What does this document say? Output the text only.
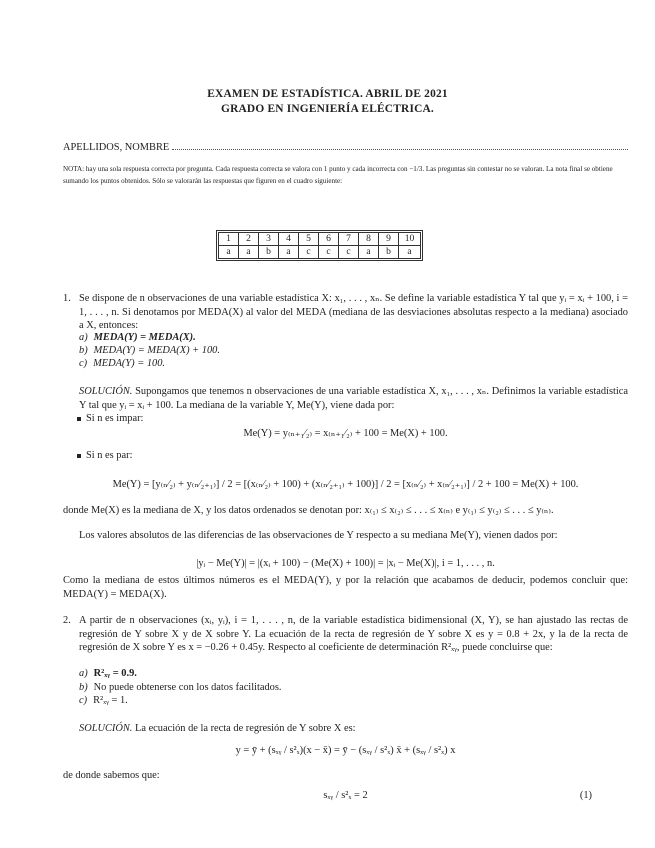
EXAMEN DE ESTADÍSTICA. ABRIL DE 2021
GRADO EN INGENIERÍA ELÉCTRICA.
APELLIDOS, NOMBRE
NOTA: hay una sola respuesta correcta por pregunta. Cada respuesta correcta se valora con 1 punto y cada incorrecta con −1/3. Las preguntas sin contestar no se valoran. La nota final se obtiene sumando los puntos obtenidos. Sólo se valorarán las respuestas que figuren en el cuadro siguiente:
1	2	3	4	5	6	7	8	9	10
a	a	b	a	c	c	c	a	b	a
1. Se dispone de n observaciones de una variable estadística X: x₁, . . . , xₙ. Se define la variable estadística Y tal que yᵢ = xᵢ + 100, i = 1, . . . , n. Si denotamos por MEDA(X) al valor del MEDA (mediana de las desviaciones absolutas respecto a la mediana) asociado a X, entonces:
a) MEDA(Y) = MEDA(X).
b) MEDA(Y) = MEDA(X) + 100.
c) MEDA(Y) = 100.
SOLUCIÓN. Supongamos que tenemos n observaciones de una variable estadística X, x₁, . . . , xₙ. Definimos la variable estadística Y tal que yᵢ = xᵢ + 100. La mediana de la variable Y, Me(Y), viene dada por:
Si n es impar:
Me(Y) = y₍ₙ₊₁⁄₂₎ = x₍ₙ₊₁⁄₂₎ + 100 = Me(X) + 100.
Si n es par:
Me(Y) = [y₍ₙ⁄₂₎ + y₍ₙ⁄₂₊₁₎] / 2 = [(x₍ₙ⁄₂₎ + 100) + (x₍ₙ⁄₂₊₁₎ + 100)] / 2 = [x₍ₙ⁄₂₎ + x₍ₙ⁄₂₊₁₎] / 2 + 100 = Me(X) + 100.
donde Me(X) es la mediana de X, y los datos ordenados se denotan por: x₍₁₎ ≤ x₍₂₎ ≤ . . . ≤ x₍ₙ₎ e y₍₁₎ ≤ y₍₂₎ ≤ . . . ≤ y₍ₙ₎.
Los valores absolutos de las diferencias de las observaciones de Y respecto a su mediana Me(Y), vienen dados por:
|yᵢ − Me(Y)| = |(xᵢ + 100) − (Me(X) + 100)| = |xᵢ − Me(X)|, i = 1, . . . , n.
Como la mediana de estos últimos números es el MEDA(Y), y por la relación que acabamos de deducir, podemos concluir que: MEDA(Y) = MEDA(X).
2. A partir de n observaciones (xᵢ, yᵢ), i = 1, . . . , n, de la variable estadística bidimensional (X, Y), se han ajustado las rectas de regresión de Y sobre X y de X sobre Y. La ecuación de la recta de regresión de Y sobre X es y = 0.8 + 2x, y la de la recta de regresión de X sobre Y es x = −0.26 + 0.45y. Respecto al coeficiente de determinación R²ₓᵧ, puede concluirse que:
a) R²ₓᵧ = 0.9.
b) No puede obtenerse con los datos facilitados.
c) R²ₓᵧ = 1.
SOLUCIÓN. La ecuación de la recta de regresión de Y sobre X es:
y = ȳ + (sₓᵧ / s²ₓ)(x − x̄) = ȳ − (sₓᵧ / s²ₓ) x̄ + (sₓᵧ / s²ₓ) x
de donde sabemos que:
sₓᵧ / s²ₓ = 2	(1)
